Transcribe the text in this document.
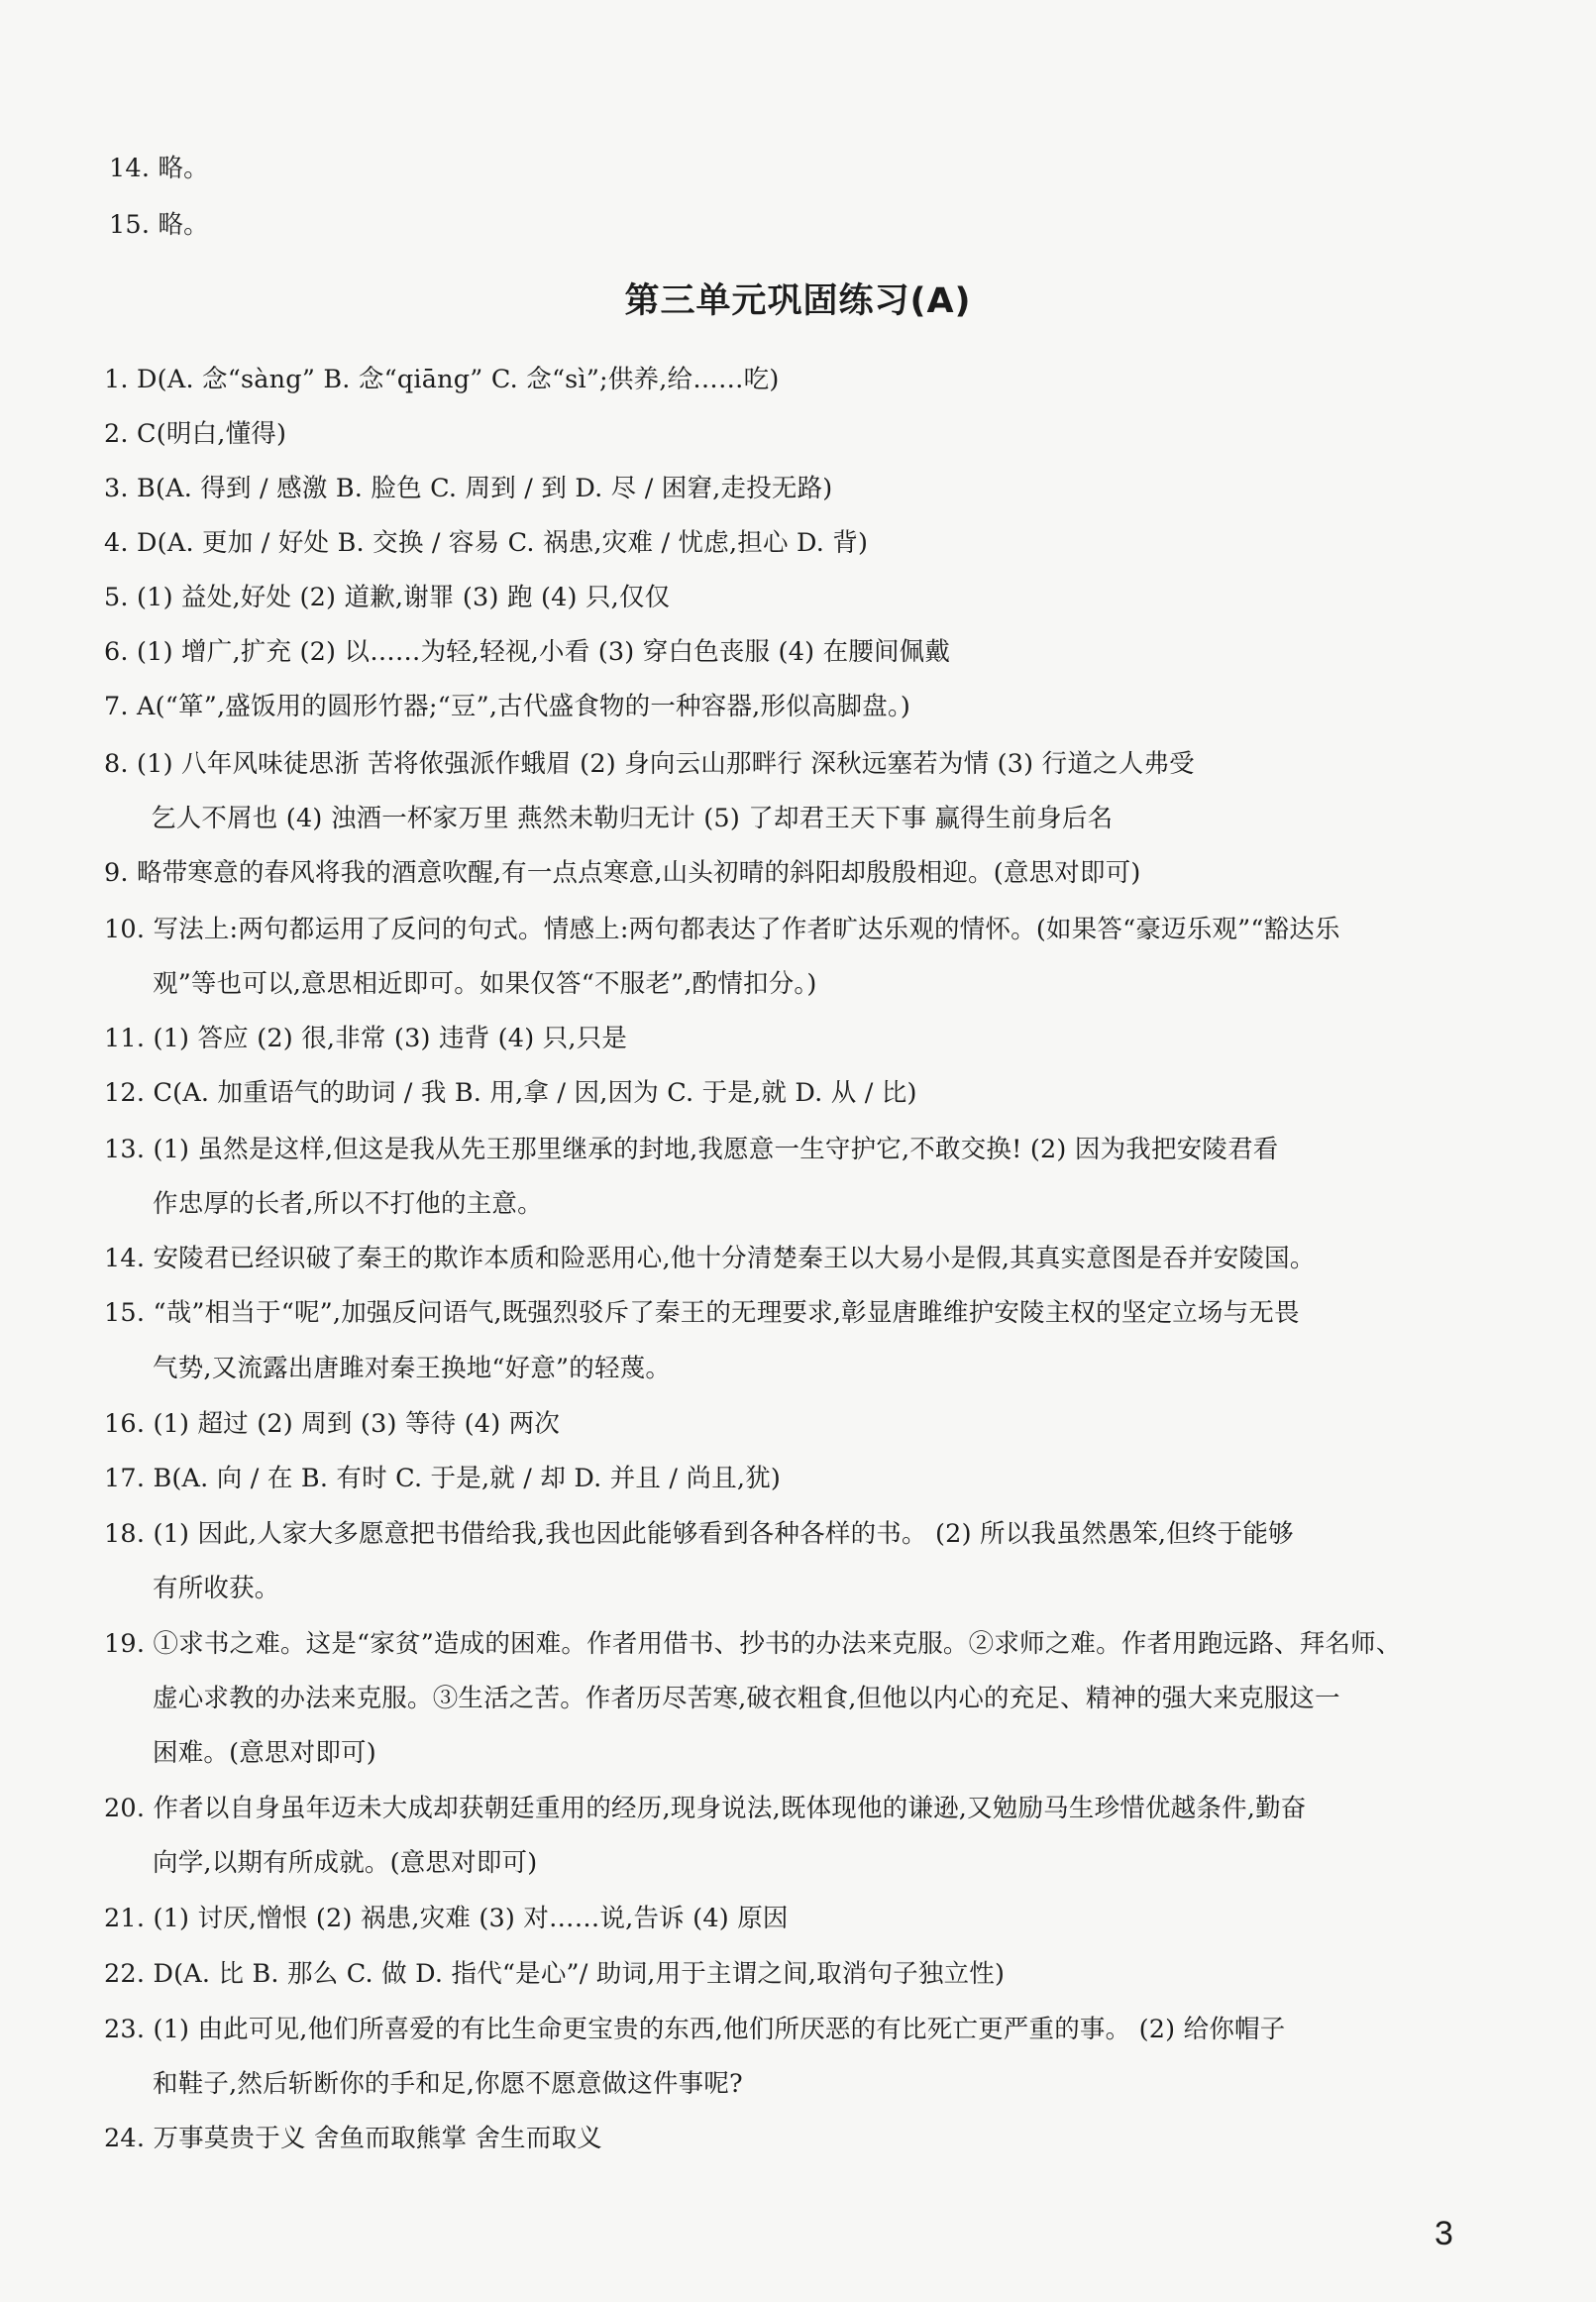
14. 略。
15. 略。
第三单元巩固练习(A)
1. D(A. 念“sàng” B. 念“qiāng” C. 念“sì”;供养,给……吃)
2. C(明白,懂得)
3. B(A. 得到 / 感激 B. 脸色 C. 周到 / 到 D. 尽 / 困窘,走投无路)
4. D(A. 更加 / 好处 B. 交换 / 容易 C. 祸患,灾难 / 忧虑,担心 D. 背)
5. (1) 益处,好处 (2) 道歉,谢罪 (3) 跑 (4) 只,仅仅
6. (1) 增广,扩充 (2) 以……为轻,轻视,小看 (3) 穿白色丧服 (4) 在腰间佩戴
7. A(“箪”,盛饭用的圆形竹器;“豆”,古代盛食物的一种容器,形似高脚盘。)
8. (1) 八年风味徒思浙 苦将侬强派作蛾眉 (2) 身向云山那畔行 深秋远塞若为情 (3) 行道之人弗受
乞人不屑也 (4) 浊酒一杯家万里 燕然未勒归无计 (5) 了却君王天下事 赢得生前身后名
9. 略带寒意的春风将我的酒意吹醒,有一点点寒意,山头初晴的斜阳却殷殷相迎。(意思对即可)
10. 写法上:两句都运用了反问的句式。情感上:两句都表达了作者旷达乐观的情怀。(如果答“豪迈乐观”“豁达乐
观”等也可以,意思相近即可。如果仅答“不服老”,酌情扣分。)
11. (1) 答应 (2) 很,非常 (3) 违背 (4) 只,只是
12. C(A. 加重语气的助词 / 我 B. 用,拿 / 因,因为 C. 于是,就 D. 从 / 比)
13. (1) 虽然是这样,但这是我从先王那里继承的封地,我愿意一生守护它,不敢交换! (2) 因为我把安陵君看
作忠厚的长者,所以不打他的主意。
14. 安陵君已经识破了秦王的欺诈本质和险恶用心,他十分清楚秦王以大易小是假,其真实意图是吞并安陵国。
15. “哉”相当于“呢”,加强反问语气,既强烈驳斥了秦王的无理要求,彰显唐雎维护安陵主权的坚定立场与无畏
气势,又流露出唐雎对秦王换地“好意”的轻蔑。
16. (1) 超过 (2) 周到 (3) 等待 (4) 两次
17. B(A. 向 / 在 B. 有时 C. 于是,就 / 却 D. 并且 / 尚且,犹)
18. (1) 因此,人家大多愿意把书借给我,我也因此能够看到各种各样的书。 (2) 所以我虽然愚笨,但终于能够
有所收获。
19. ①求书之难。这是“家贫”造成的困难。作者用借书、抄书的办法来克服。②求师之难。作者用跑远路、拜名师、
虚心求教的办法来克服。③生活之苦。作者历尽苦寒,破衣粗食,但他以内心的充足、精神的强大来克服这一
困难。(意思对即可)
20. 作者以自身虽年迈未大成却获朝廷重用的经历,现身说法,既体现他的谦逊,又勉励马生珍惜优越条件,勤奋
向学,以期有所成就。(意思对即可)
21. (1) 讨厌,憎恨 (2) 祸患,灾难 (3) 对……说,告诉 (4) 原因
22. D(A. 比 B. 那么 C. 做 D. 指代“是心”/ 助词,用于主谓之间,取消句子独立性)
23. (1) 由此可见,他们所喜爱的有比生命更宝贵的东西,他们所厌恶的有比死亡更严重的事。 (2) 给你帽子
和鞋子,然后斩断你的手和足,你愿不愿意做这件事呢?
24. 万事莫贵于义 舍鱼而取熊掌 舍生而取义
3
